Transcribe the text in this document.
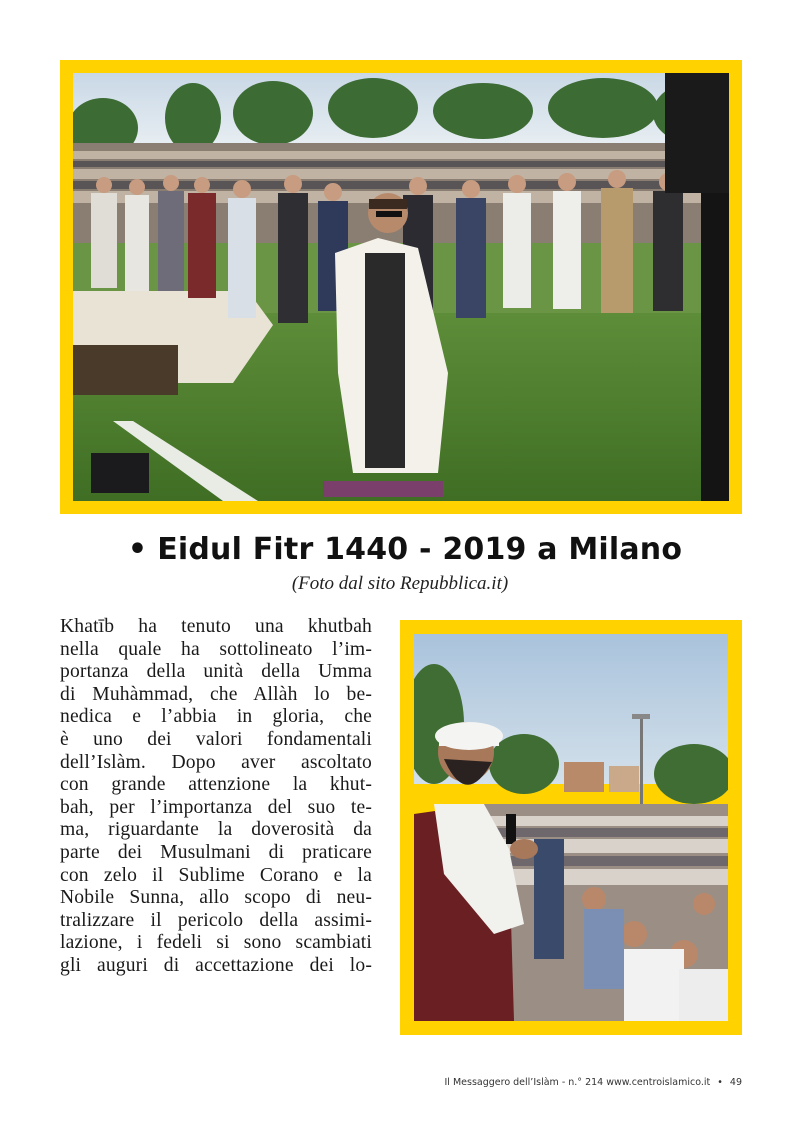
• Eidul Fitr 1440 - 2019 a Milano
(Foto dal sito Repubblica.it)

Khatīb ha tenuto una khutbah
nella quale ha sottolineato l’im-
portanza della unità della Umma
di Muhàmmad, che Allàh lo be-
nedica e l’abbia in gloria, che
è uno dei valori fondamentali
dell’Islàm. Dopo aver ascoltato
con grande attenzione la khut-
bah, per l’importanza del suo te-
ma, riguardante la doverosità da
parte dei Musulmani di praticare
con zelo il Sublime Corano e la
Nobile Sunna, allo scopo di neu-
tralizzare il pericolo della assimi-
lazione, i fedeli si sono scambiati
gli auguri di accettazione dei lo-

Il Messaggero dell’Islàm - n.° 214 www.centroislamico.it • 49
